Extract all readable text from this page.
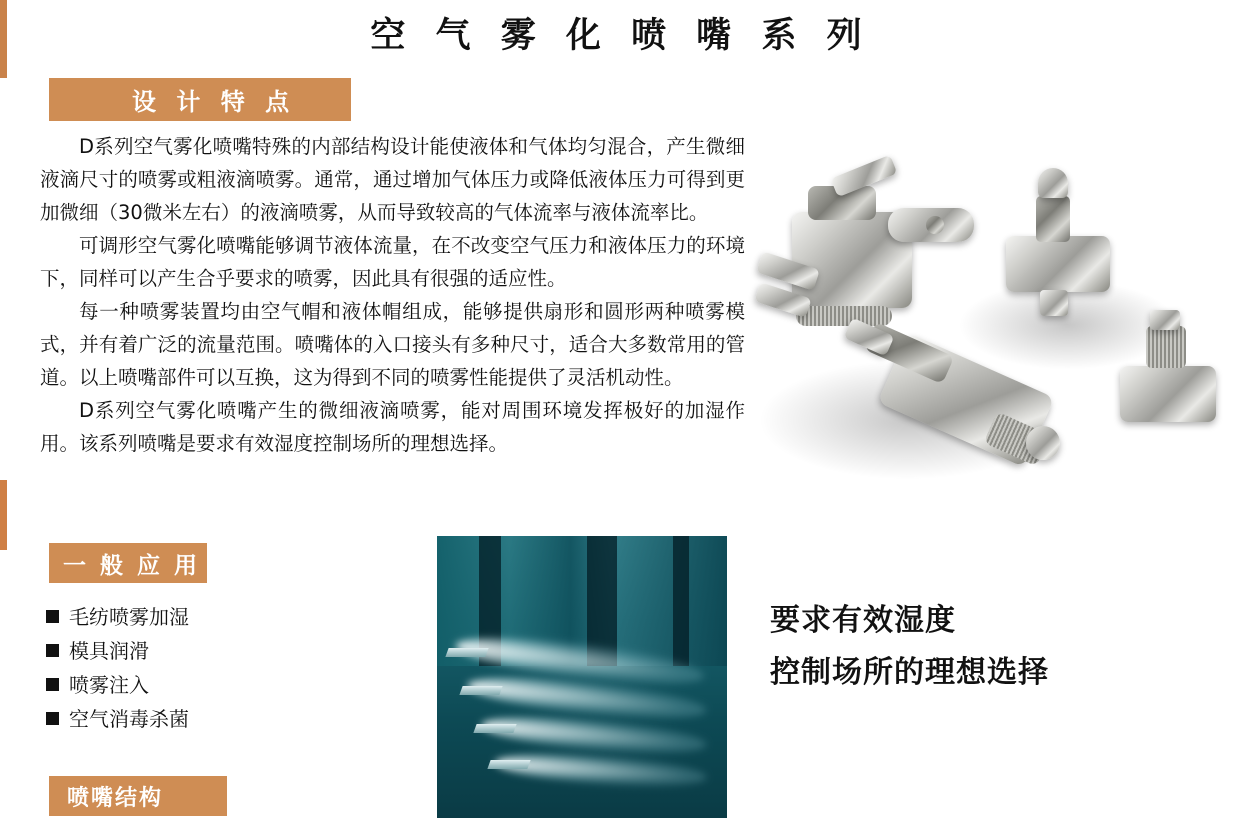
空 气 雾 化 喷 嘴 系 列
设 计 特 点

D系列空气雾化喷嘴特殊的内部结构设计能使液体和气体均匀混合，产生微细液滴尺寸的喷雾或粗液滴喷雾。通常，通过增加气体压力或降低液体压力可得到更加微细（30微米左右）的液滴喷雾，从而导致较高的气体流率与液体流率比。

可调形空气雾化喷嘴能够调节液体流量，在不改变空气压力和液体压力的环境下，同样可以产生合乎要求的喷雾，因此具有很强的适应性。

每一种喷雾装置均由空气帽和液体帽组成，能够提供扇形和圆形两种喷雾模式，并有着广泛的流量范围。喷嘴体的入口接头有多种尺寸，适合大多数常用的管道。以上喷嘴部件可以互换，这为得到不同的喷雾性能提供了灵活机动性。

D系列空气雾化喷嘴产生的微细液滴喷雾，能对周围环境发挥极好的加湿作用。该系列喷嘴是要求有效湿度控制场所的理想选择。

一 般 应 用
毛纺喷雾加湿
模具润滑
喷雾注入
空气消毒杀菌
要求有效湿度
控制场所的理想选择
喷嘴结构
